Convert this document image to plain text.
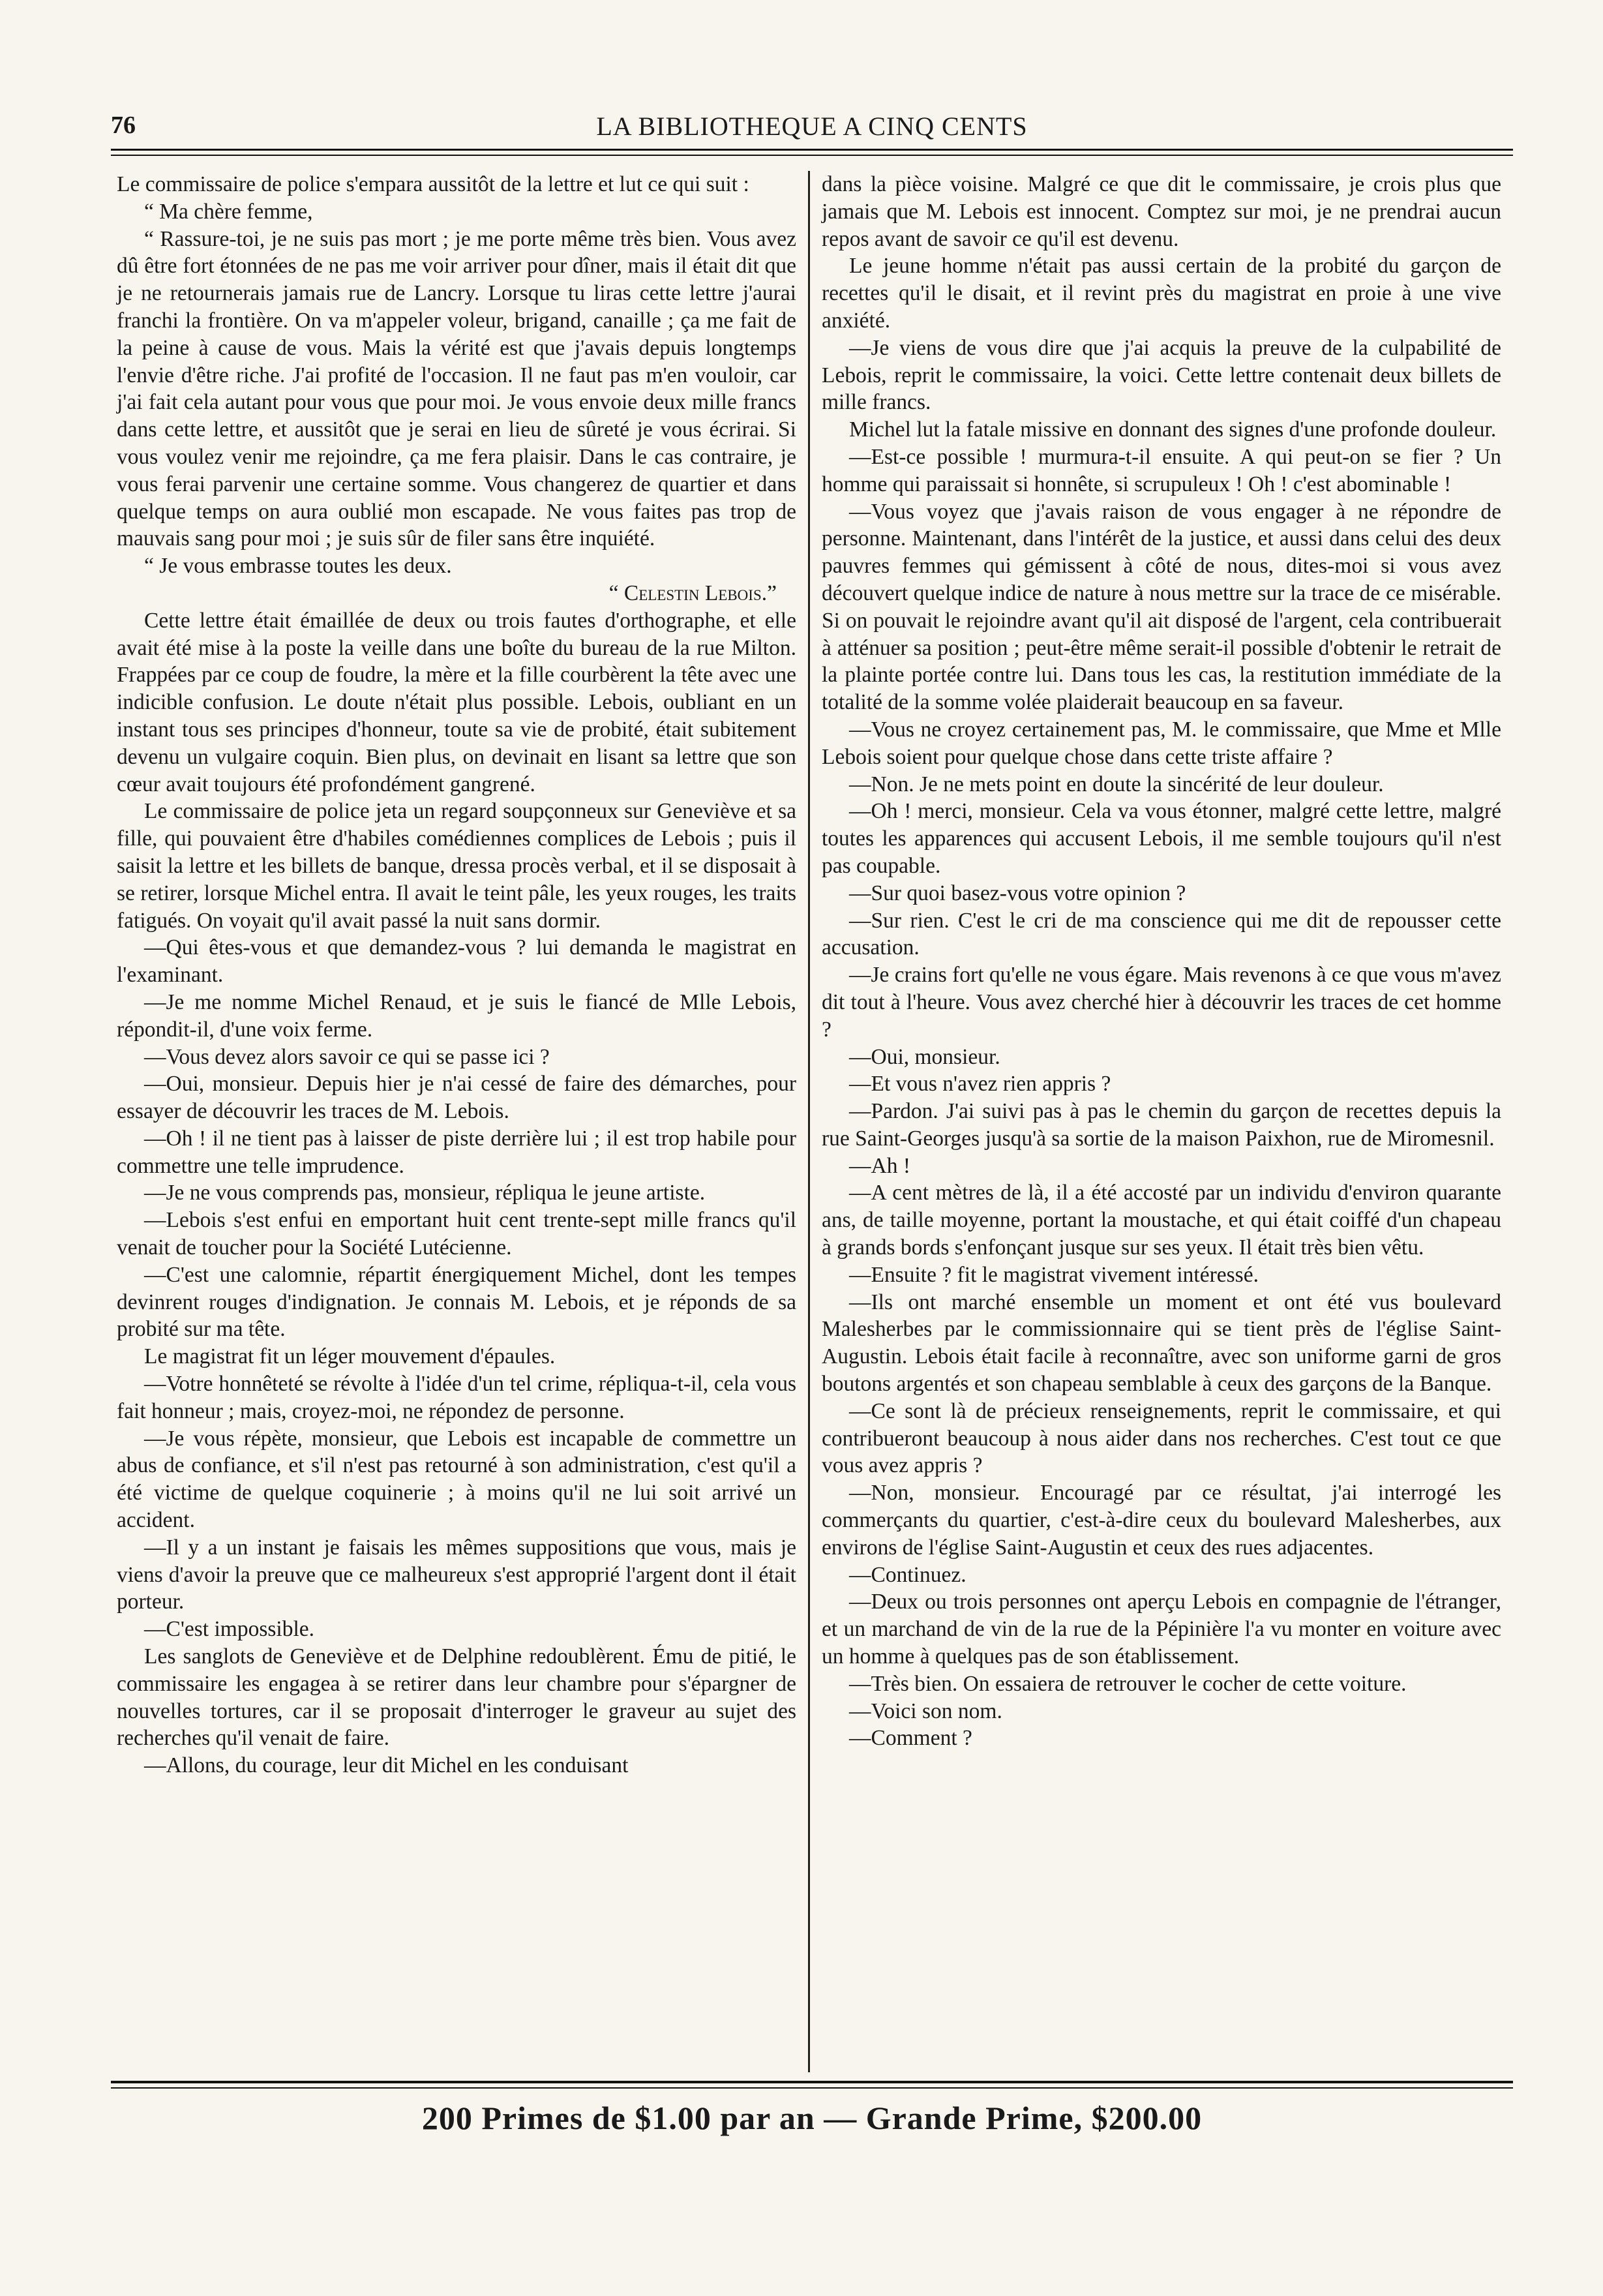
76	LA BIBLIOTHEQUE A CINQ CENTS

Le commissaire de police s'empara aussitôt de la lettre et lut ce qui suit :

“ Ma chère femme,

“ Rassure-toi, je ne suis pas mort ; je me porte même très bien. Vous avez dû être fort étonnées de ne pas me voir arriver pour dîner, mais il était dit que je ne retournerais jamais rue de Lancry. Lorsque tu liras cette lettre j'aurai franchi la frontière. On va m'appeler voleur, brigand, canaille ; ça me fait de la peine à cause de vous. Mais la vérité est que j'avais depuis longtemps l'envie d'être riche. J'ai profité de l'occasion. Il ne faut pas m'en vouloir, car j'ai fait cela autant pour vous que pour moi. Je vous envoie deux mille francs dans cette lettre, et aussitôt que je serai en lieu de sûreté je vous écrirai. Si vous voulez venir me rejoindre, ça me fera plaisir. Dans le cas contraire, je vous ferai parvenir une certaine somme. Vous changerez de quartier et dans quelque temps on aura oublié mon escapade. Ne vous faites pas trop de mauvais sang pour moi ; je suis sûr de filer sans être inquiété.

“ Je vous embrasse toutes les deux.

“ Celestin Lebois.”

Cette lettre était émaillée de deux ou trois fautes d'orthographe, et elle avait été mise à la poste la veille dans une boîte du bureau de la rue Milton. Frappées par ce coup de foudre, la mère et la fille courbèrent la tête avec une indicible confusion. Le doute n'était plus possible. Lebois, oubliant en un instant tous ses principes d'honneur, toute sa vie de probité, était subitement devenu un vulgaire coquin. Bien plus, on devinait en lisant sa lettre que son cœur avait toujours été profondément gangrené.

Le commissaire de police jeta un regard soupçonneux sur Geneviève et sa fille, qui pouvaient être d'habiles comédiennes complices de Lebois ; puis il saisit la lettre et les billets de banque, dressa procès verbal, et il se disposait à se retirer, lorsque Michel entra. Il avait le teint pâle, les yeux rouges, les traits fatigués. On voyait qu'il avait passé la nuit sans dormir.

—Qui êtes-vous et que demandez-vous ? lui demanda le magistrat en l'examinant.

—Je me nomme Michel Renaud, et je suis le fiancé de Mlle Lebois, répondit-il, d'une voix ferme.

—Vous devez alors savoir ce qui se passe ici ?

—Oui, monsieur. Depuis hier je n'ai cessé de faire des démarches, pour essayer de découvrir les traces de M. Lebois.

—Oh ! il ne tient pas à laisser de piste derrière lui ; il est trop habile pour commettre une telle imprudence.

—Je ne vous comprends pas, monsieur, répliqua le jeune artiste.

—Lebois s'est enfui en emportant huit cent trente-sept mille francs qu'il venait de toucher pour la Société Lutécienne.

—C'est une calomnie, répartit énergiquement Michel, dont les tempes devinrent rouges d'indignation. Je connais M. Lebois, et je réponds de sa probité sur ma tête.

Le magistrat fit un léger mouvement d'épaules.

—Votre honnêteté se révolte à l'idée d'un tel crime, répliqua-t-il, cela vous fait honneur ; mais, croyez-moi, ne répondez de personne.

—Je vous répète, monsieur, que Lebois est incapable de commettre un abus de confiance, et s'il n'est pas retourné à son administration, c'est qu'il a été victime de quelque coquinerie ; à moins qu'il ne lui soit arrivé un accident.

—Il y a un instant je faisais les mêmes suppositions que vous, mais je viens d'avoir la preuve que ce malheureux s'est approprié l'argent dont il était porteur.

—C'est impossible.

Les sanglots de Geneviève et de Delphine redoublèrent. Ému de pitié, le commissaire les engagea à se retirer dans leur chambre pour s'épargner de nouvelles tortures, car il se proposait d'interroger le graveur au sujet des recherches qu'il venait de faire.

—Allons, du courage, leur dit Michel en les conduisant

dans la pièce voisine. Malgré ce que dit le commissaire, je crois plus que jamais que M. Lebois est innocent. Comptez sur moi, je ne prendrai aucun repos avant de savoir ce qu'il est devenu.

Le jeune homme n'était pas aussi certain de la probité du garçon de recettes qu'il le disait, et il revint près du magistrat en proie à une vive anxiété.

—Je viens de vous dire que j'ai acquis la preuve de la culpabilité de Lebois, reprit le commissaire, la voici. Cette lettre contenait deux billets de mille francs.

Michel lut la fatale missive en donnant des signes d'une profonde douleur.

—Est-ce possible ! murmura-t-il ensuite. A qui peut-on se fier ? Un homme qui paraissait si honnête, si scrupuleux ! Oh ! c'est abominable !

—Vous voyez que j'avais raison de vous engager à ne répondre de personne. Maintenant, dans l'intérêt de la justice, et aussi dans celui des deux pauvres femmes qui gémissent à côté de nous, dites-moi si vous avez découvert quelque indice de nature à nous mettre sur la trace de ce misérable. Si on pouvait le rejoindre avant qu'il ait disposé de l'argent, cela contribuerait à atténuer sa position ; peut-être même serait-il possible d'obtenir le retrait de la plainte portée contre lui. Dans tous les cas, la restitution immédiate de la totalité de la somme volée plaiderait beaucoup en sa faveur.

—Vous ne croyez certainement pas, M. le commissaire, que Mme et Mlle Lebois soient pour quelque chose dans cette triste affaire ?

—Non. Je ne mets point en doute la sincérité de leur douleur.

—Oh ! merci, monsieur. Cela va vous étonner, malgré cette lettre, malgré toutes les apparences qui accusent Lebois, il me semble toujours qu'il n'est pas coupable.

—Sur quoi basez-vous votre opinion ?

—Sur rien. C'est le cri de ma conscience qui me dit de repousser cette accusation.

—Je crains fort qu'elle ne vous égare. Mais revenons à ce que vous m'avez dit tout à l'heure. Vous avez cherché hier à découvrir les traces de cet homme ?

—Oui, monsieur.

—Et vous n'avez rien appris ?

—Pardon. J'ai suivi pas à pas le chemin du garçon de recettes depuis la rue Saint-Georges jusqu'à sa sortie de la maison Paixhon, rue de Miromesnil.

—Ah !

—A cent mètres de là, il a été accosté par un individu d'environ quarante ans, de taille moyenne, portant la moustache, et qui était coiffé d'un chapeau à grands bords s'enfonçant jusque sur ses yeux. Il était très bien vêtu.

—Ensuite ? fit le magistrat vivement intéressé.

—Ils ont marché ensemble un moment et ont été vus boulevard Malesherbes par le commissionnaire qui se tient près de l'église Saint-Augustin. Lebois était facile à reconnaître, avec son uniforme garni de gros boutons argentés et son chapeau semblable à ceux des garçons de la Banque.

—Ce sont là de précieux renseignements, reprit le commissaire, et qui contribueront beaucoup à nous aider dans nos recherches. C'est tout ce que vous avez appris ?

—Non, monsieur. Encouragé par ce résultat, j'ai interrogé les commerçants du quartier, c'est-à-dire ceux du boulevard Malesherbes, aux environs de l'église Saint-Augustin et ceux des rues adjacentes.

—Continuez.

—Deux ou trois personnes ont aperçu Lebois en compagnie de l'étranger, et un marchand de vin de la rue de la Pépinière l'a vu monter en voiture avec un homme à quelques pas de son établissement.

—Très bien. On essaiera de retrouver le cocher de cette voiture.

—Voici son nom.

—Comment ?

200 Primes de $1.00 par an — Grande Prime, $200.00
